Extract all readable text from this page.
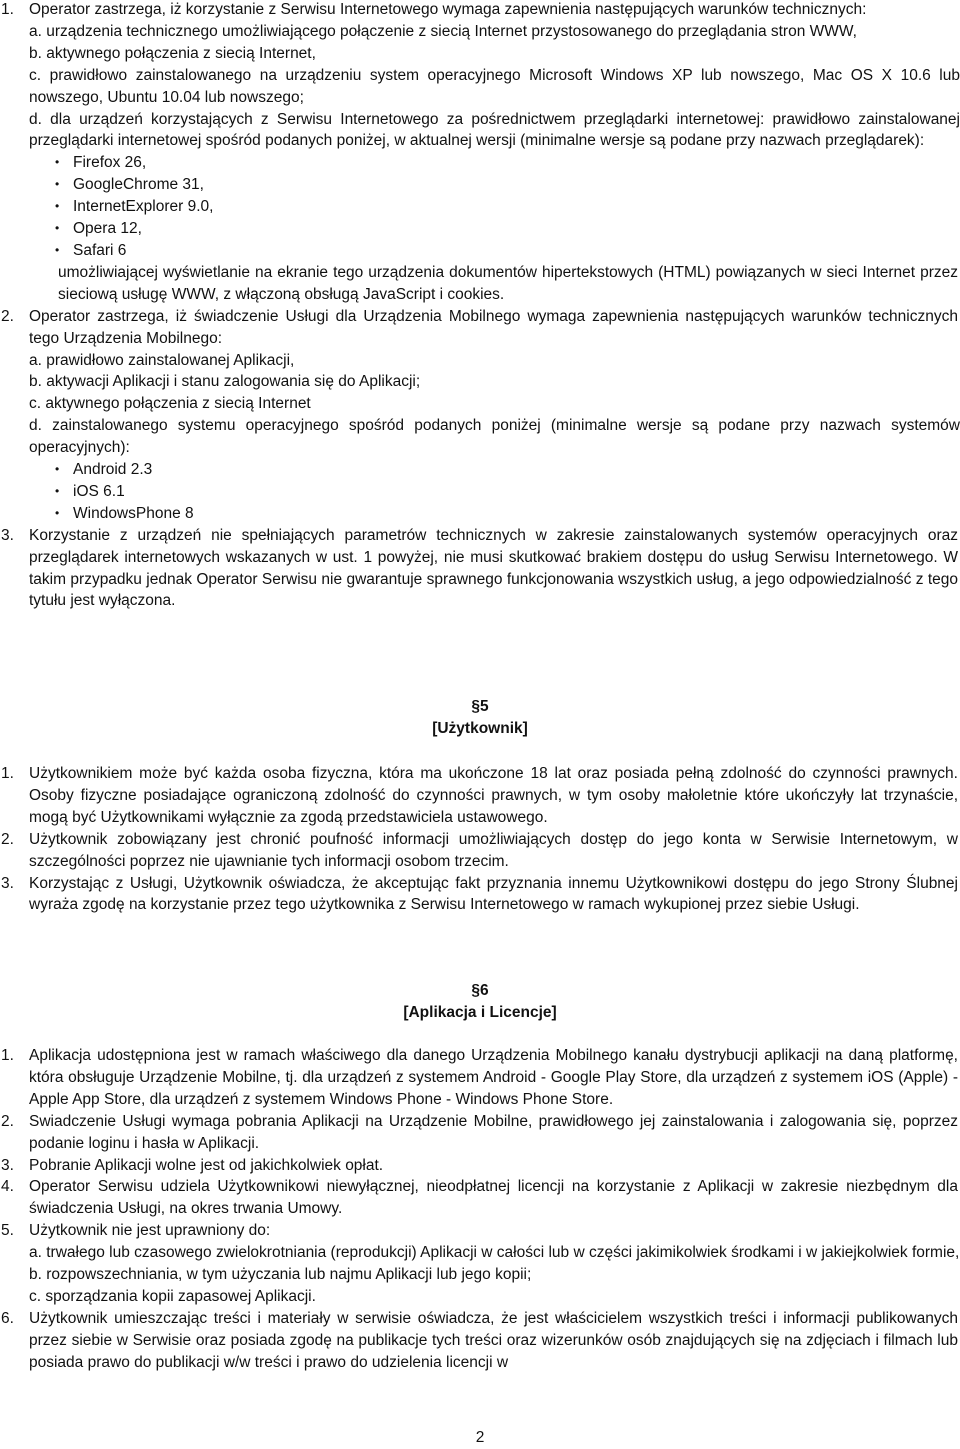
1. Operator zastrzega, iż korzystanie z Serwisu Internetowego wymaga zapewnienia następujących warunków technicznych:
a. urządzenia technicznego umożliwiającego połączenie z siecią Internet przystosowanego do przeglądania stron WWW,
b. aktywnego połączenia z siecią Internet,
c. prawidłowo zainstalowanego na urządzeniu system operacyjnego Microsoft Windows XP lub nowszego, Mac OS X 10.6 lub nowszego, Ubuntu 10.04 lub nowszego;
d. dla urządzeń korzystających z Serwisu Internetowego za pośrednictwem przeglądarki internetowej: prawidłowo zainstalowanej przeglądarki internetowej spośród podanych poniżej, w aktualnej wersji (minimalne wersje są podane przy nazwach przeglądarek):
• Firefox 26,
• GoogleChrome 31,
• InternetExplorer 9.0,
• Opera 12,
• Safari 6
umożliwiającej wyświetlanie na ekranie tego urządzenia dokumentów hipertekstowych (HTML) powiązanych w sieci Internet przez sieciową usługę WWW, z włączoną obsługą JavaScript i cookies.
2. Operator zastrzega, iż świadczenie Usługi dla Urządzenia Mobilnego wymaga zapewnienia następujących warunków technicznych tego Urządzenia Mobilnego:
a. prawidłowo zainstalowanej Aplikacji,
b. aktywacji Aplikacji i stanu zalogowania się do Aplikacji;
c. aktywnego połączenia z siecią Internet
d. zainstalowanego systemu operacyjnego spośród podanych poniżej (minimalne wersje są podane przy nazwach systemów operacyjnych):
• Android 2.3
• iOS 6.1
• WindowsPhone 8
3. Korzystanie z urządzeń nie spełniających parametrów technicznych w zakresie zainstalowanych systemów operacyjnych oraz przeglądarek internetowych wskazanych w ust. 1 powyżej, nie musi skutkować brakiem dostępu do usług Serwisu Internetowego. W takim przypadku jednak Operator Serwisu nie gwarantuje sprawnego funkcjonowania wszystkich usług, a jego odpowiedzialność z tego tytułu jest wyłączona.
§5
[Użytkownik]
1. Użytkownikiem może być każda osoba fizyczna, która ma ukończone 18 lat oraz posiada pełną zdolność do czynności prawnych. Osoby fizyczne posiadające ograniczoną zdolność do czynności prawnych, w tym osoby małoletnie które ukończyły lat trzynaście, mogą być Użytkownikami wyłącznie za zgodą przedstawiciela ustawowego.
2. Użytkownik zobowiązany jest chronić poufność informacji umożliwiających dostęp do jego konta w Serwisie Internetowym, w szczególności poprzez nie ujawnianie tych informacji osobom trzecim.
3. Korzystając z Usługi, Użytkownik oświadcza, że akceptując fakt przyznania innemu Użytkownikowi dostępu do jego Strony Ślubnej wyraża zgodę na korzystanie przez tego użytkownika z Serwisu Internetowego w ramach wykupionej przez siebie Usługi.
§6
[Aplikacja i Licencje]
1. Aplikacja udostępniona jest w ramach właściwego dla danego Urządzenia Mobilnego kanału dystrybucji aplikacji na daną platformę, która obsługuje Urządzenie Mobilne, tj. dla urządzeń z systemem Android - Google Play Store, dla urządzeń z systemem iOS (Apple) - Apple App Store, dla urządzeń z systemem Windows Phone - Windows Phone Store.
2. Swiadczenie Usługi wymaga pobrania Aplikacji na Urządzenie Mobilne, prawidłowego jej zainstalowania i zalogowania się, poprzez podanie loginu i hasła w Aplikacji.
3. Pobranie Aplikacji wolne jest od jakichkolwiek opłat.
4. Operator Serwisu udziela Użytkownikowi niewyłącznej, nieodpłatnej licencji na korzystanie z Aplikacji w zakresie niezbędnym dla świadczenia Usługi, na okres trwania Umowy.
5. Użytkownik nie jest uprawniony do:
a. trwałego lub czasowego zwielokrotniania (reprodukcji) Aplikacji w całości lub w części jakimikolwiek środkami i w jakiejkolwiek formie,
b. rozpowszechniania, w tym użyczania lub najmu Aplikacji lub jego kopii;
c. sporządzania kopii zapasowej Aplikacji.
6. Użytkownik umieszczając treści i materiały w serwisie oświadcza, że jest właścicielem wszystkich treści i informacji publikowanych przez siebie w Serwisie oraz posiada zgodę na publikacje tych treści oraz wizerunków osób znajdujących się na zdjęciach i filmach lub posiada prawo do publikacji w/w treści i prawo do udzielenia licencji w
2
